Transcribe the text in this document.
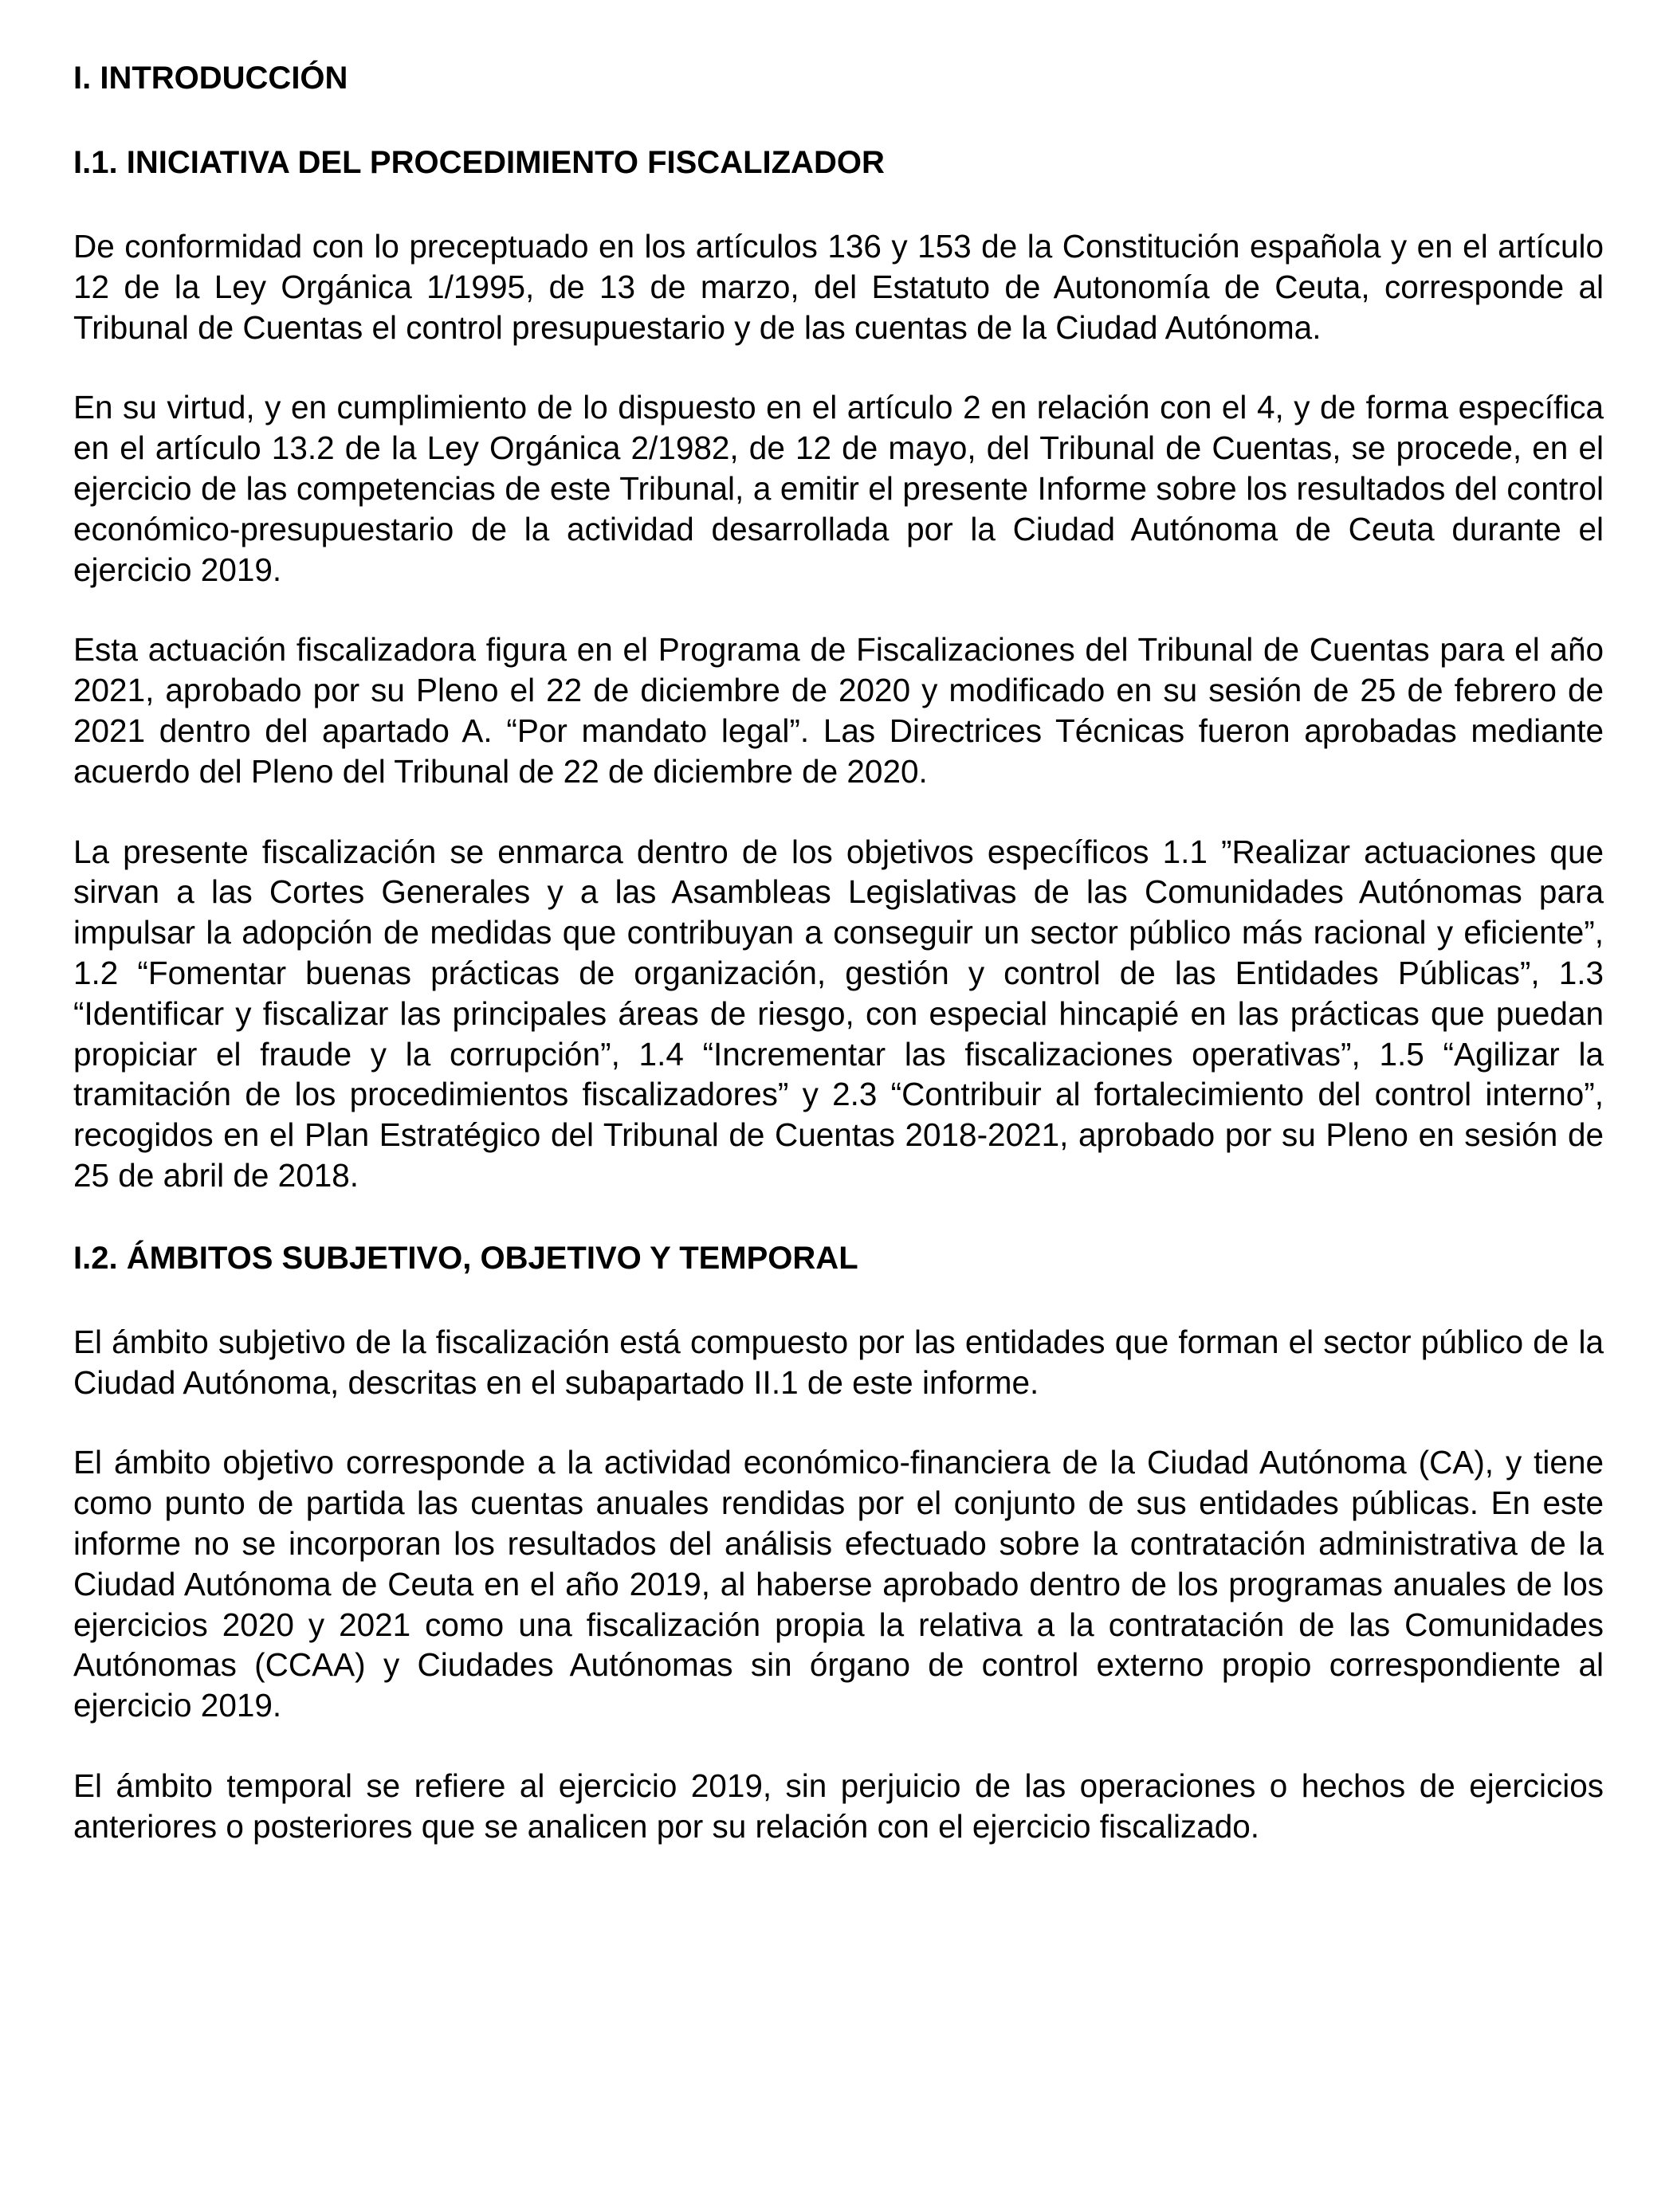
I. INTRODUCCIÓN
I.1. INICIATIVA DEL PROCEDIMIENTO FISCALIZADOR

De conformidad con lo preceptuado en los artículos 136 y 153 de la Constitución española y en el artículo 12 de la Ley Orgánica 1/1995, de 13 de marzo, del Estatuto de Autonomía de Ceuta, corresponde al Tribunal de Cuentas el control presupuestario y de las cuentas de la Ciudad Autónoma.

En su virtud, y en cumplimiento de lo dispuesto en el artículo 2 en relación con el 4, y de forma específica en el artículo 13.2 de la Ley Orgánica 2/1982, de 12 de mayo, del Tribunal de Cuentas, se procede, en el ejercicio de las competencias de este Tribunal, a emitir el presente Informe sobre los resultados del control económico-presupuestario de la actividad desarrollada por la Ciudad Autónoma de Ceuta durante el ejercicio 2019.

Esta actuación fiscalizadora figura en el Programa de Fiscalizaciones del Tribunal de Cuentas para el año 2021, aprobado por su Pleno el 22 de diciembre de 2020 y modificado en su sesión de 25 de febrero de 2021 dentro del apartado A. “Por mandato legal”. Las Directrices Técnicas fueron aprobadas mediante acuerdo del Pleno del Tribunal de 22 de diciembre de 2020.

La presente fiscalización se enmarca dentro de los objetivos específicos 1.1 ”Realizar actuaciones que sirvan a las Cortes Generales y a las Asambleas Legislativas de las Comunidades Autónomas para impulsar la adopción de medidas que contribuyan a conseguir un sector público más racional y eficiente”, 1.2 “Fomentar buenas prácticas de organización, gestión y control de las Entidades Públicas”, 1.3 “Identificar y fiscalizar las principales áreas de riesgo, con especial hincapié en las prácticas que puedan propiciar el fraude y la corrupción”, 1.4 “Incrementar las fiscalizaciones operativas”, 1.5 “Agilizar la tramitación de los procedimientos fiscalizadores” y 2.3 “Contribuir al fortalecimiento del control interno”, recogidos en el Plan Estratégico del Tribunal de Cuentas 2018-2021, aprobado por su Pleno en sesión de 25 de abril de 2018.

I.2. ÁMBITOS SUBJETIVO, OBJETIVO Y TEMPORAL

El ámbito subjetivo de la fiscalización está compuesto por las entidades que forman el sector público de la Ciudad Autónoma, descritas en el subapartado II.1 de este informe.

El ámbito objetivo corresponde a la actividad económico-financiera de la Ciudad Autónoma (CA), y tiene como punto de partida las cuentas anuales rendidas por el conjunto de sus entidades públicas. En este informe no se incorporan los resultados del análisis efectuado sobre la contratación administrativa de la Ciudad Autónoma de Ceuta en el año 2019, al haberse aprobado dentro de los programas anuales de los ejercicios 2020 y 2021 como una fiscalización propia la relativa a la contratación de las Comunidades Autónomas (CCAA) y Ciudades Autónomas sin órgano de control externo propio correspondiente al ejercicio 2019.

El ámbito temporal se refiere al ejercicio 2019, sin perjuicio de las operaciones o hechos de ejercicios anteriores o posteriores que se analicen por su relación con el ejercicio fiscalizado.
